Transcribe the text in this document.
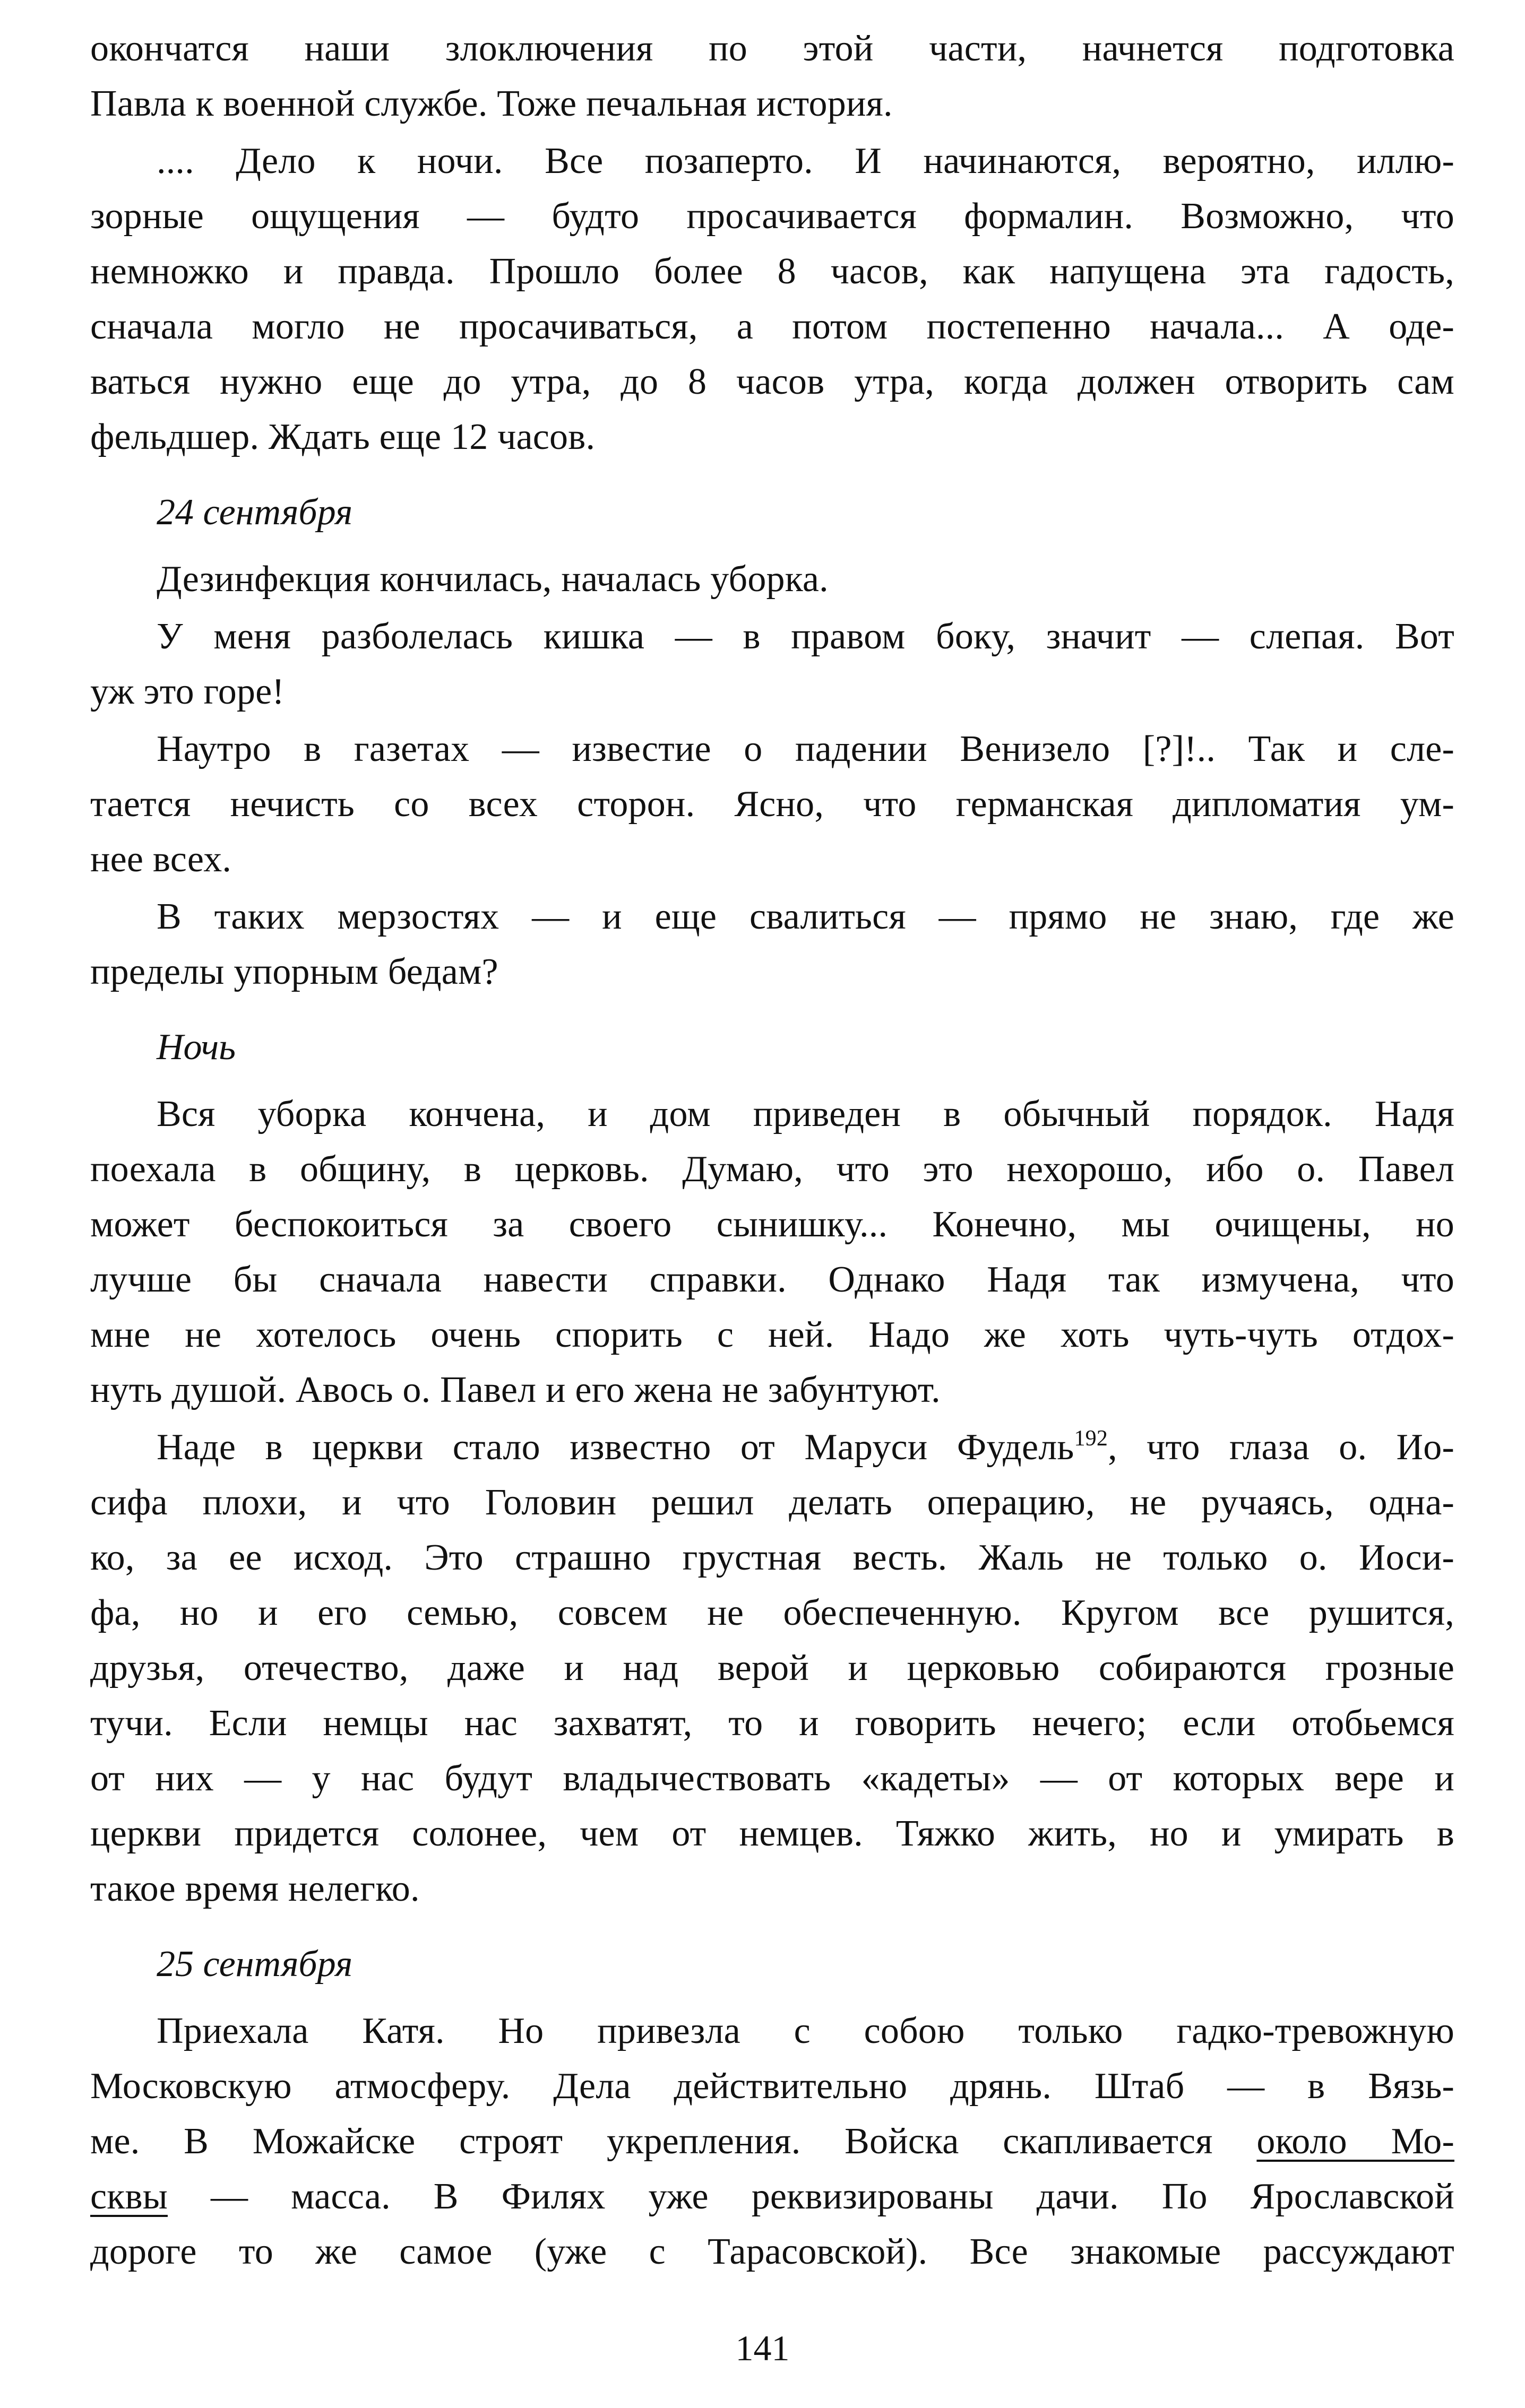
окончатся наши злоключения по этой части, начнется подготовка
Павла к военной службе. Тоже печальная история.
.... Дело к ночи. Все позаперто. И начинаются, вероятно, иллю-
зорные ощущения — будто просачивается формалин. Возможно, что
немножко и правда. Прошло более 8 часов, как напущена эта гадость,
сначала могло не просачиваться, а потом постепенно начала... А оде-
ваться нужно еще до утра, до 8 часов утра, когда должен отворить сам
фельдшер. Ждать еще 12 часов.
24 сентября
Дезинфекция кончилась, началась уборка.
У меня разболелась кишка — в правом боку, значит — слепая. Вот
уж это горе!
Наутро в газетах — известие о падении Венизело [?]!.. Так и сле-
тается нечисть со всех сторон. Ясно, что германская дипломатия ум-
нее всех.
В таких мерзостях — и еще свалиться — прямо не знаю, где же
пределы упорным бедам?
Ночь
Вся уборка кончена, и дом приведен в обычный порядок. Надя
поехала в общину, в церковь. Думаю, что это нехорошо, ибо о. Павел
может беспокоиться за своего сынишку... Конечно, мы очищены, но
лучше бы сначала навести справки. Однако Надя так измучена, что
мне не хотелось очень спорить с ней. Надо же хоть чуть-чуть отдох-
нуть душой. Авось о. Павел и его жена не забунтуют.
Наде в церкви стало известно от Маруси Фудель$^{192}$, что глаза о. Ио-
сифа плохи, и что Головин решил делать операцию, не ручаясь, одна-
ко, за ее исход. Это страшно грустная весть. Жаль не только о. Иоси-
фа, но и его семью, совсем не обеспеченную. Кругом все рушится,
друзья, отечество, даже и над верой и церковью собираются грозные
тучи. Если немцы нас захватят, то и говорить нечего; если отобьемся
от них — у нас будут владычествовать «кадеты» — от которых вере и
церкви придется солонее, чем от немцев. Тяжко жить, но и умирать в
такое время нелегко.
25 сентября
Приехала Катя. Но привезла с собою только гадко-тревожную
Московскую атмосферу. Дела действительно дрянь. Штаб — в Вязь-
ме. В Можайске строят укрепления. Войска скапливается около Мо-
сквы — масса. В Филях уже реквизированы дачи. По Ярославской
дороге то же самое (уже с Тарасовской). Все знакомые рассуждают
141
